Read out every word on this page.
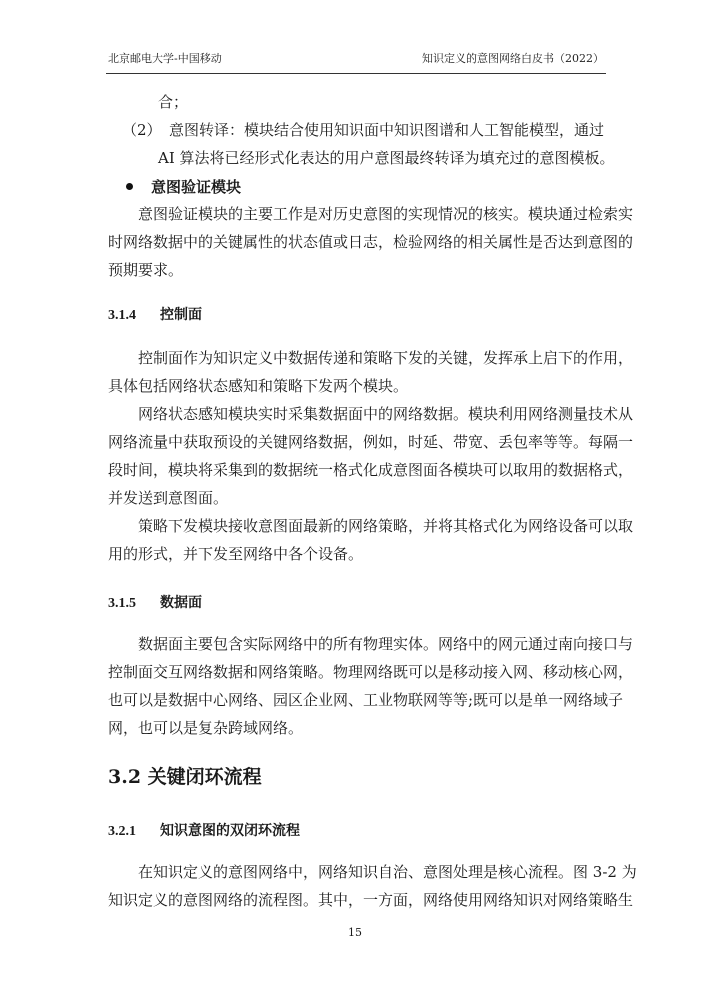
北京邮电大学-中国移动	知识定义的意图网络白皮书（2022）
合；
（2）　意图转译：模块结合使用知识面中知识图谱和人工智能模型，通过
AI 算法将已经形式化表达的用户意图最终转译为填充过的意图模板。
意图验证模块
意图验证模块的主要工作是对历史意图的实现情况的核实。模块通过检索实
时网络数据中的关键属性的状态值或日志，检验网络的相关属性是否达到意图的
预期要求。
3.1.4 控制面
控制面作为知识定义中数据传递和策略下发的关键，发挥承上启下的作用，
具体包括网络状态感知和策略下发两个模块。
网络状态感知模块实时采集数据面中的网络数据。模块利用网络测量技术从
网络流量中获取预设的关键网络数据，例如，时延、带宽、丢包率等等。每隔一
段时间，模块将采集到的数据统一格式化成意图面各模块可以取用的数据格式，
并发送到意图面。
策略下发模块接收意图面最新的网络策略，并将其格式化为网络设备可以取
用的形式，并下发至网络中各个设备。
3.1.5 数据面
数据面主要包含实际网络中的所有物理实体。网络中的网元通过南向接口与
控制面交互网络数据和网络策略。物理网络既可以是移动接入网、移动核心网，
也可以是数据中心网络、园区企业网、工业物联网等等;既可以是单一网络域子
网，也可以是复杂跨域网络。
3.2 关键闭环流程
3.2.1 知识意图的双闭环流程
在知识定义的意图网络中，网络知识自治、意图处理是核心流程。图 3-2 为
知识定义的意图网络的流程图。其中，一方面，网络使用网络知识对网络策略生
15
